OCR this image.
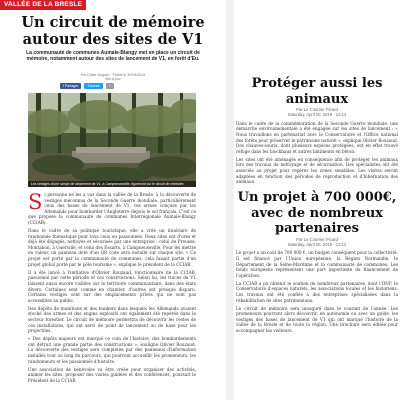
VALLÉE DE LA BRESLE
Un circuit de mémoire autour des sites de V1
La communauté de communes Aumale-Blangy met en place un circuit de mémoire, notamment autour des sites de lancement de V1, en forêt d'Eu.
Par Didier Dugard · Publié le 30/04/2019
Mis à jour
f Partager	Tweeter	+
Les vestiges d'une rampe de lancement de V1, à Campneuseville, figureront sur le circuit de mémoire.

Si personne ne les a vus dans la vallée de la Bresle, à la découverte de vestiges méconnus de la Seconde Guerre mondiale, particulièrement ceux des bases de lancement de V1, ces armes conçues par les Allemands pour bombarder l'Angleterre depuis le sol français. C'est ce que propose la communauté de communes Interrégionale Aumale-Blangy (CCIAB).

Dans le cadre de sa politique touristique, elle a créé un itinéraire de randonnée thématique pour tous ceux ou passionnés. Deux sites ont d'ores et déjà été dégagés, nettoyés et sécurisés par une entreprise : celui de Preuses-Montabon, à Guerville, et celui des Essarts, à Campneuseville. Pour les mettre en valeur, un panneau doté d'un QR code sera installé sur chaque site. « Ce projet est porté par la communauté de communes, cela faisait partie d'un projet global porté par le pôle tourisme », explique le président de la CCIAB.

Il a été lancé à l'initiative d'Olivier Rouzaud, fonctionnaire de la CCIAB, passionné par cette période et ces constructions. Selon lui, les traces de V1 laissent aussi encore visibles sur le territoire communautaire, dans des états divers. Certaines sont comme en chantier, d'autres ont presque disparu. Certains vestiges sont sur des emplacements privés qui ne sont pas accessibles au public.

Des dépôts de munitions et des bunkers dans lesquels les Allemands avaient stocké des armes et des engins explosifs ont également été repérés dans le secteur forestier. Le circuit de mémoire permettra de découvrir les restes de ces installations, qui ont servi de point de lancement ou de base pour les projectiles.

« Des dépôts majeurs ont marqué ce coin de l'histoire, des bombardements ont détruit une grande partie des constructions », souligne Olivier Rouzaud. La découverte des vestiges sera complétée par des panneaux d'information installés tout au long du parcours, qui pourront accueillir les promeneurs, les randonneurs et les passionnés d'histoire.

Une association de bénévoles va être créée pour organiser des activités, animer les sites, proposer des visites guidées et des conférences, poursuit le Président de la CCIAB.

Protéger aussi les animaux
Par Le Courrier Picard
Saturday, April 20, 2019 · 13:12

Dans le cadre de la commémoration de la Seconde Guerre mondiale, une démarche environnementale a été engagée sur les sites de lancement : « Nous travaillons en partenariat avec le Conservatoire et l'Office national des forêts pour préserver le patrimoine naturel », explique Olivier Rouzaud. Des chauves-souris, dont plusieurs espèces protégées, ont en effet trouvé refuge dans les blockhaus et autres bâtiments en béton.

Les sites ont été aménagés en conséquence afin de protéger les animaux lors des travaux de nettoyage et de sécurisation. Des spécialistes ont été associés au projet pour repérer les zones sensibles. Les visites seront adaptées en fonction des périodes de reproduction et d'hibernation des animaux.

Un projet à 700 000€, avec de nombreux partenaires
Par Le Courrier Picard
Saturday, April 20, 2019 · 13:12

Le projet a un coût de 700 000 €, un budget conséquent pour la collectivité. Il est financé par l'Union européenne, la Région Normandie, le Département de la Seine-Maritime et la communauté de communes. Les fonds européens représentent une part importante du financement de l'opération.

La CCIAB a pu obtenir le soutien de nombreux partenaires, dont l'ONF, le Conservatoire d'espaces naturels, les associations locales et les historiens. Les travaux ont été confiés à des entreprises spécialisées dans la réhabilitation de sites patrimoniaux.

Le circuit de mémoire sera inauguré dans le courant de l'année. Les promeneurs pourront alors découvrir, en autonomie ou avec un guide, les vestiges des bases de lancement de V1 qui ont marqué l'histoire de la vallée de la Bresle et de toute la région. Une brochure sera éditée pour accompagner les visiteurs.
